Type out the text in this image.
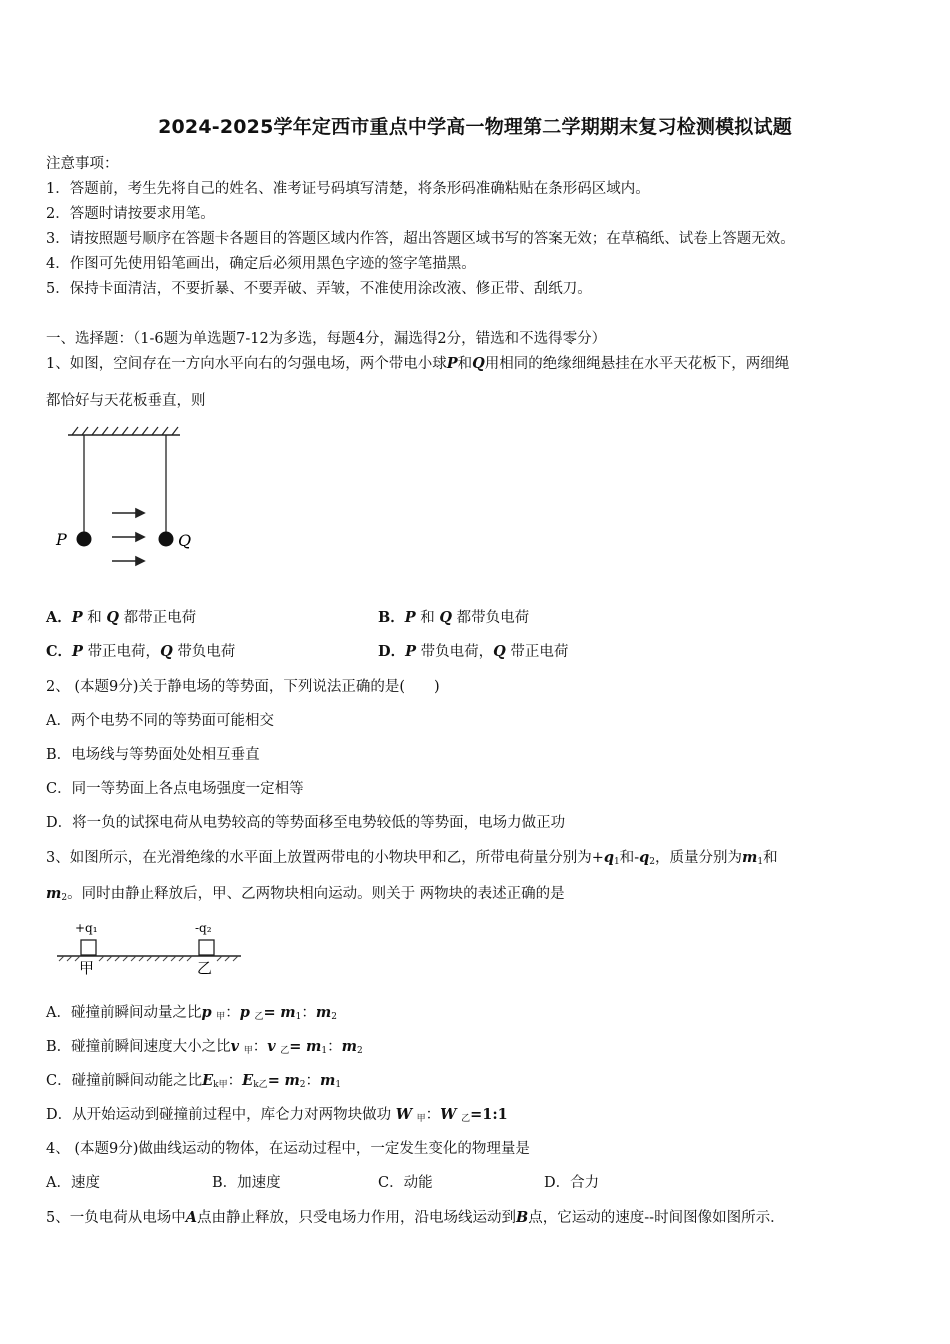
2024-2025学年定西市重点中学高一物理第二学期期末复习检测模拟试题
注意事项：
1．答题前，考生先将自己的姓名、准考证号码填写清楚，将条形码准确粘贴在条形码区域内。
2．答题时请按要求用笔。
3．请按照题号顺序在答题卡各题目的答题区域内作答，超出答题区域书写的答案无效；在草稿纸、试卷上答题无效。
4．作图可先使用铅笔画出，确定后必须用黑色字迹的签字笔描黑。
5．保持卡面清洁，不要折暴、不要弄破、弄皱，不准使用涂改液、修正带、刮纸刀。
一、选择题：（1-6题为单选题7-12为多选，每题4分，漏选得2分，错选和不选得零分）
1、如图，空间存在一方向水平向右的匀强电场，两个带电小球P和Q用相同的绝缘细绳悬挂在水平天花板下，两细绳
都恰好与天花板垂直，则
P	Q
A．P 和 Q 都带正电荷	B．P 和 Q 都带负电荷
C．P 带正电荷，Q 带负电荷	D．P 带负电荷，Q 带正电荷
2、 (本题9分)关于静电场的等势面，下列说法正确的是(　　)
A．两个电势不同的等势面可能相交
B．电场线与等势面处处相互垂直
C．同一等势面上各点电场强度一定相等
D．将一负的试探电荷从电势较高的等势面移至电势较低的等势面，电场力做正功
3、如图所示，在光滑绝缘的水平面上放置两带电的小物块甲和乙，所带电荷量分别为$+q_1$和$-q_2$，质量分别为$m_1$和
$m_2$。同时由静止释放后，甲、乙两物块相向运动。则关于 两物块的表述正确的是
+q₁	-q₂
甲	乙
A．碰撞前瞬间动量之比p $_甲$：p $_乙= m_1$：$m_2$
B．碰撞前瞬间速度大小之比v $_甲$：v $_乙= m_1$：$m_2$
C．碰撞前瞬间动能之比$E_{k甲}$：$E_{k乙}= m_2$：$m_1$
D．从开始运动到碰撞前过程中，库仑力对两物块做功 W $_甲$：W $_乙$=1:1
4、 (本题9分)做曲线运动的物体，在运动过程中，一定发生变化的物理量是
A．速度	B．加速度	C．动能	D．合力
5、一负电荷从电场中A点由静止释放，只受电场力作用，沿电场线运动到B点，它运动的速度--时间图像如图所示．
